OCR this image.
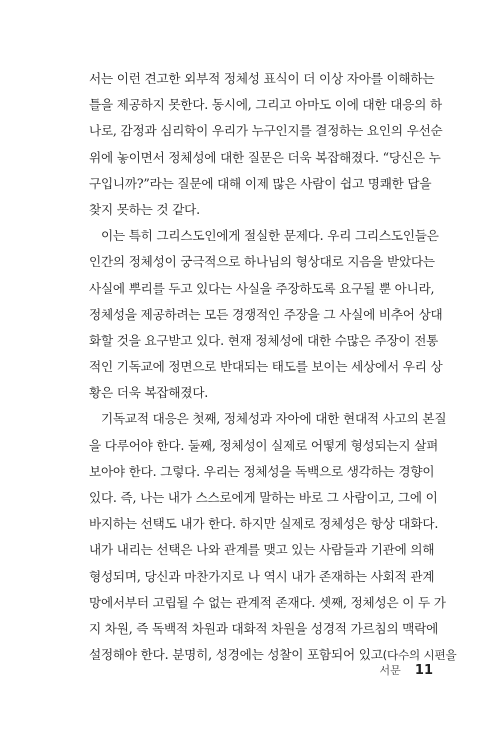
서는 이런 견고한 외부적 정체성 표식이 더 이상 자아를 이해하는
틀을 제공하지 못한다. 동시에, 그리고 아마도 이에 대한 대응의 하
나로, 감정과 심리학이 우리가 누구인지를 결정하는 요인의 우선순
위에 놓이면서 정체성에 대한 질문은 더욱 복잡해졌다. “당신은 누
구입니까?”라는 질문에 대해 이제 많은 사람이 쉽고 명쾌한 답을
찾지 못하는 것 같다.
이는 특히 그리스도인에게 절실한 문제다. 우리 그리스도인들은
인간의 정체성이 궁극적으로 하나님의 형상대로 지음을 받았다는
사실에 뿌리를 두고 있다는 사실을 주장하도록 요구될 뿐 아니라,
정체성을 제공하려는 모든 경쟁적인 주장을 그 사실에 비추어 상대
화할 것을 요구받고 있다. 현재 정체성에 대한 수많은 주장이 전통
적인 기독교에 정면으로 반대되는 태도를 보이는 세상에서 우리 상
황은 더욱 복잡해졌다.
기독교적 대응은 첫째, 정체성과 자아에 대한 현대적 사고의 본질
을 다루어야 한다. 둘째, 정체성이 실제로 어떻게 형성되는지 살펴
보아야 한다. 그렇다. 우리는 정체성을 독백으로 생각하는 경향이
있다. 즉, 나는 내가 스스로에게 말하는 바로 그 사람이고, 그에 이
바지하는 선택도 내가 한다. 하지만 실제로 정체성은 항상 대화다.
내가 내리는 선택은 나와 관계를 맺고 있는 사람들과 기관에 의해
형성되며, 당신과 마찬가지로 나 역시 내가 존재하는 사회적 관계
망에서부터 고립될 수 없는 관계적 존재다. 셋째, 정체성은 이 두 가
지 차원, 즉 독백적 차원과 대화적 차원을 성경적 가르침의 맥락에
설정해야 한다. 분명히, 성경에는 성찰이 포함되어 있고(다수의 시편을
서문 11
